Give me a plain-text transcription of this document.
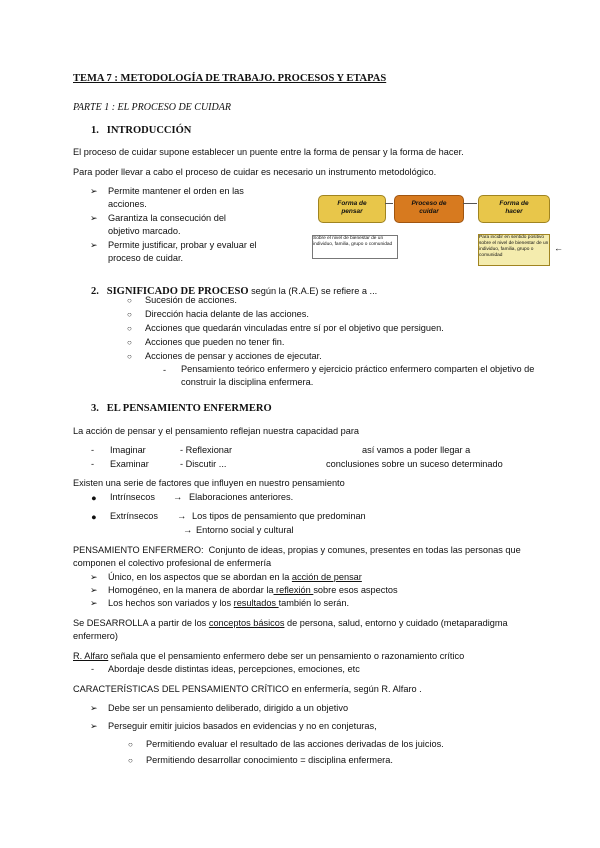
TEMA 7 : METODOLOGÍA DE TRABAJO. PROCESOS Y ETAPAS
PARTE 1 : EL PROCESO DE CUIDAR
1. INTRODUCCIÓN
El proceso de cuidar supone establecer un puente entre la forma de pensar y la forma de hacer.
Para poder llevar a cabo el proceso de cuidar es necesario un instrumento metodológico.
➢ Permite mantener el orden en las
acciones.
➢ Garantiza la consecución del
objetivo marcado.
➢ Permite justificar, probar y evaluar el
proceso de cuidar.
Forma de pensar
Proceso de cuidar
Forma de hacer
Sobre el nivel de bienestar de un individuo, familia, grupo o comunidad
Para incidir en sentido positivo sobre el nivel de bienestar de un individuo, familia, grupo o comunidad
←
2. SIGNIFICADO DE PROCESO según la (R.A.E) se refiere a ...
○ Sucesión de acciones.
○ Dirección hacia delante de las acciones.
○ Acciones que quedarán vinculadas entre sí por el objetivo que persiguen.
○ Acciones que pueden no tener fin.
○ Acciones de pensar y acciones de ejecutar.
- Pensamiento teórico enfermero y ejercicio práctico enfermero comparten el objetivo de
construir la disciplina enfermera.
3. EL PENSAMIENTO ENFERMERO
La acción de pensar y el pensamiento reflejan nuestra capacidad para
- Imaginar	- Reflexionar	así vamos a poder llegar a
- Examinar	- Discutir ...	conclusiones sobre un suceso determinado
Existen una serie de factores que influyen en nuestro pensamiento
● Intrínsecos → Elaboraciones anteriores.
● Extrínsecos → Los tipos de pensamiento que predominan
→ Entorno social y cultural
PENSAMIENTO ENFERMERO: Conjunto de ideas, propias y comunes, presentes en todas las personas que
componen el colectivo profesional de enfermería
➢ Único, en los aspectos que se abordan en la acción de pensar
➢ Homogéneo, en la manera de abordar la reflexión sobre esos aspectos
➢ Los hechos son variados y los resultados también lo serán.
Se DESARROLLA a partir de los conceptos básicos de persona, salud, entorno y cuidado (metaparadigma
enfermero)
R. Alfaro señala que el pensamiento enfermero debe ser un pensamiento o razonamiento crítico
- Abordaje desde distintas ideas, percepciones, emociones, etc
CARACTERÍSTICAS DEL PENSAMIENTO CRÍTICO en enfermería, según R. Alfaro .
➢ Debe ser un pensamiento deliberado, dirigido a un objetivo
➢ Perseguir emitir juicios basados en evidencias y no en conjeturas,
○ Permitiendo evaluar el resultado de las acciones derivadas de los juicios.
○ Permitiendo desarrollar conocimiento = disciplina enfermera.
